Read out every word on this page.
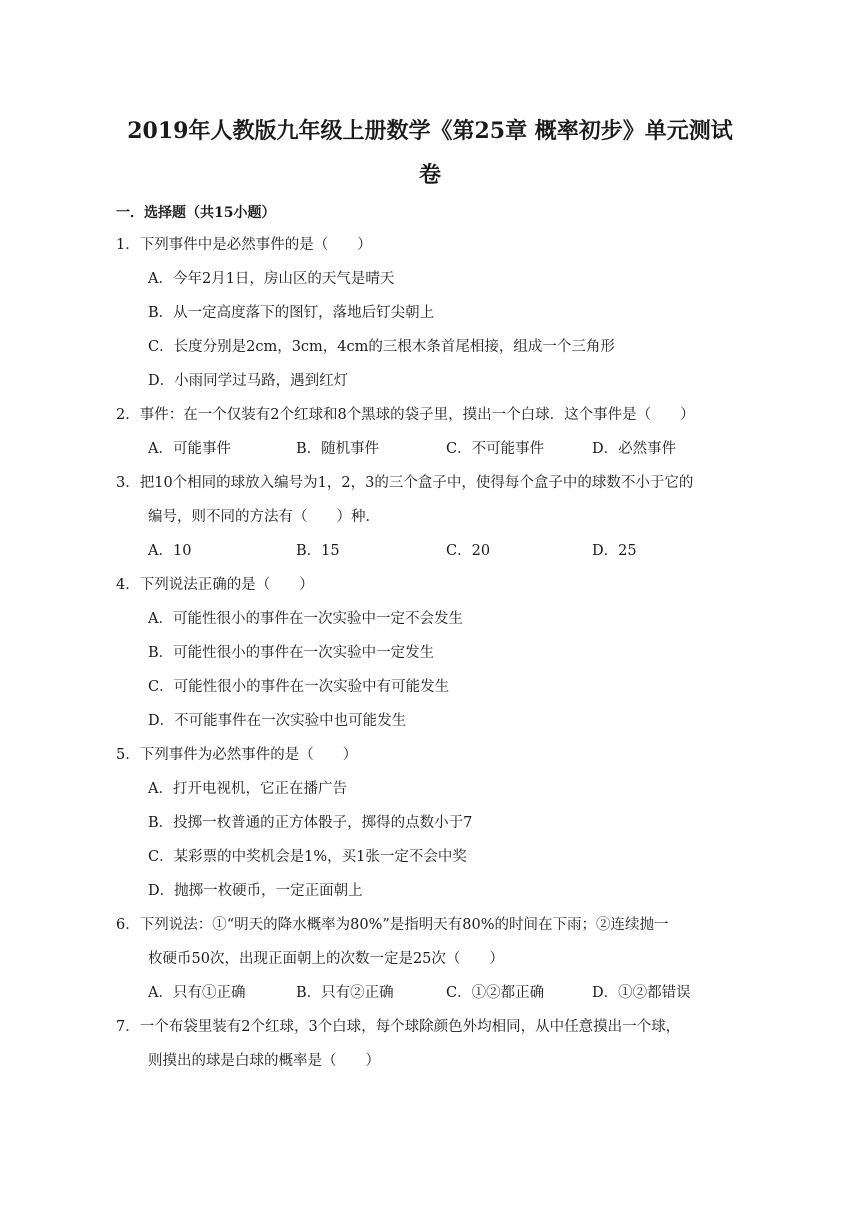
2019年人教版九年级上册数学《第25章 概率初步》单元测试
卷
一．选择题（共15小题）
1．下列事件中是必然事件的是（　　）
A．今年2月1日，房山区的天气是晴天
B．从一定高度落下的图钉，落地后钉尖朝上
C．长度分别是2cm，3cm，4cm的三根木条首尾相接，组成一个三角形
D．小雨同学过马路，遇到红灯
2．事件：在一个仅装有2个红球和8个黑球的袋子里，摸出一个白球．这个事件是（　　）
A．可能事件	B．随机事件	C．不可能事件	D．必然事件
3．把10个相同的球放入编号为1，2，3的三个盒子中，使得每个盒子中的球数不小于它的
编号，则不同的方法有（　　）种．
A．10	B．15	C．20	D．25
4．下列说法正确的是（　　）
A．可能性很小的事件在一次实验中一定不会发生
B．可能性很小的事件在一次实验中一定发生
C．可能性很小的事件在一次实验中有可能发生
D．不可能事件在一次实验中也可能发生
5．下列事件为必然事件的是（　　）
A．打开电视机，它正在播广告
B．投掷一枚普通的正方体骰子，掷得的点数小于7
C．某彩票的中奖机会是1%，买1张一定不会中奖
D．抛掷一枚硬币，一定正面朝上
6．下列说法：①“明天的降水概率为80%”是指明天有80%的时间在下雨；②连续抛一
枚硬币50次，出现正面朝上的次数一定是25次（　　）
A．只有①正确	B．只有②正确	C．①②都正确	D．①②都错误
7．一个布袋里装有2个红球，3个白球，每个球除颜色外均相同，从中任意摸出一个球，
则摸出的球是白球的概率是（　　）
